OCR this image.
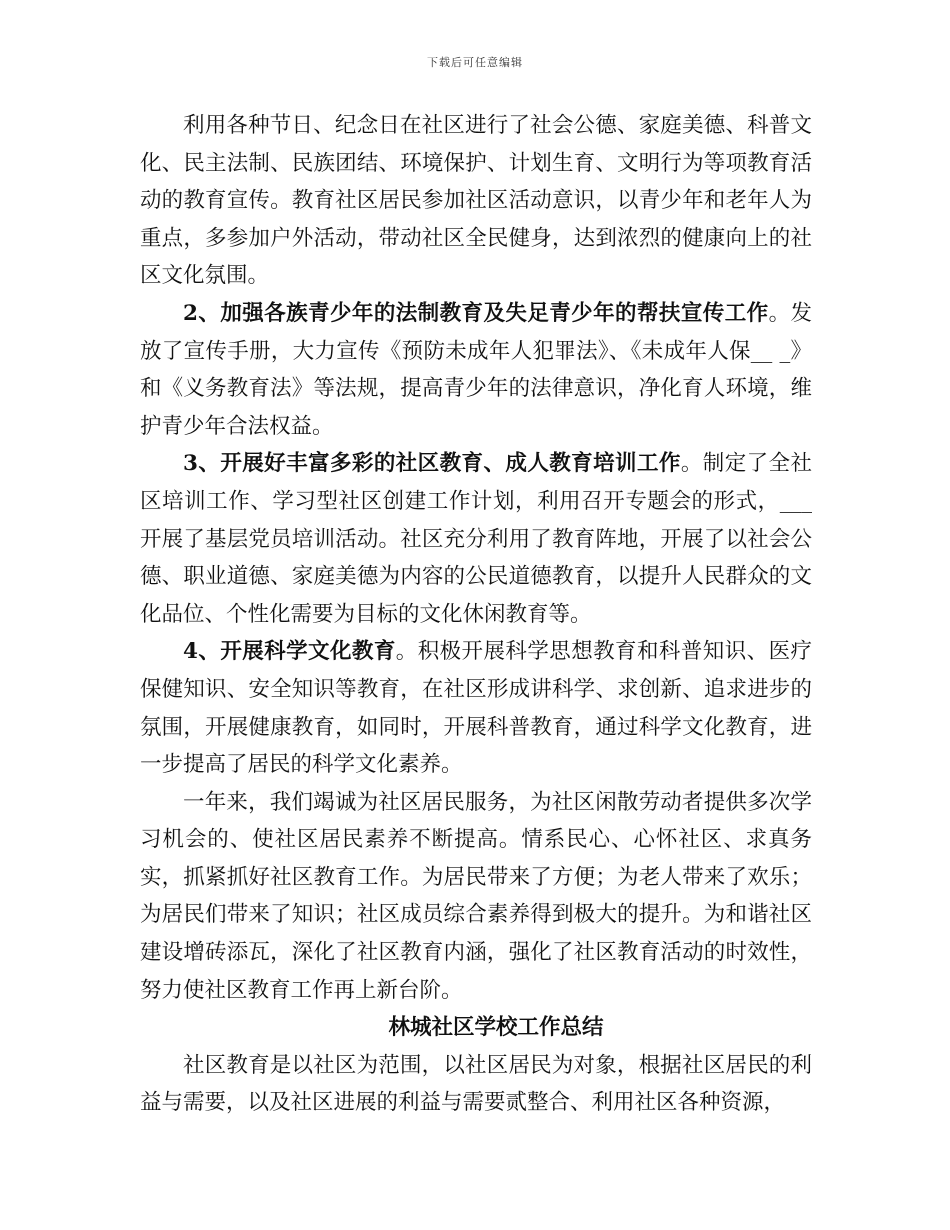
下载后可任意编辑

利用各种节日、纪念日在社区进行了社会公德、家庭美德、科普文化、民主法制、民族团结、环境保护、计划生育、文明行为等项教育活动的教育宣传。教育社区居民参加社区活动意识，以青少年和老年人为重点，多参加户外活动，带动社区全民健身，达到浓烈的健康向上的社区文化氛围。

2、加强各族青少年的法制教育及失足青少年的帮扶宣传工作。发放了宣传手册，大力宣传《预防未成年人犯罪法》、《未成年人保__ _》和《义务教育法》等法规，提高青少年的法律意识，净化育人环境，维护青少年合法权益。

3、开展好丰富多彩的社区教育、成人教育培训工作。制定了全社区培训工作、学习型社区创建工作计划，利用召开专题会的形式，___开展了基层党员培训活动。社区充分利用了教育阵地，开展了以社会公德、职业道德、家庭美德为内容的公民道德教育，以提升人民群众的文化品位、个性化需要为目标的文化休闲教育等。

4、开展科学文化教育。积极开展科学思想教育和科普知识、医疗保健知识、安全知识等教育，在社区形成讲科学、求创新、追求进步的氛围，开展健康教育，如同时，开展科普教育，通过科学文化教育，进一步提高了居民的科学文化素养。

一年来，我们竭诚为社区居民服务，为社区闲散劳动者提供多次学习机会的、使社区居民素养不断提高。情系民心、心怀社区、求真务实，抓紧抓好社区教育工作。为居民带来了方便；为老人带来了欢乐；为居民们带来了知识；社区成员综合素养得到极大的提升。为和谐社区建设增砖添瓦，深化了社区教育内涵，强化了社区教育活动的时效性，努力使社区教育工作再上新台阶。

林城社区学校工作总结

社区教育是以社区为范围，以社区居民为对象，根据社区居民的利益与需要，以及社区进展的利益与需要贰整合、利用社区各种资源，
